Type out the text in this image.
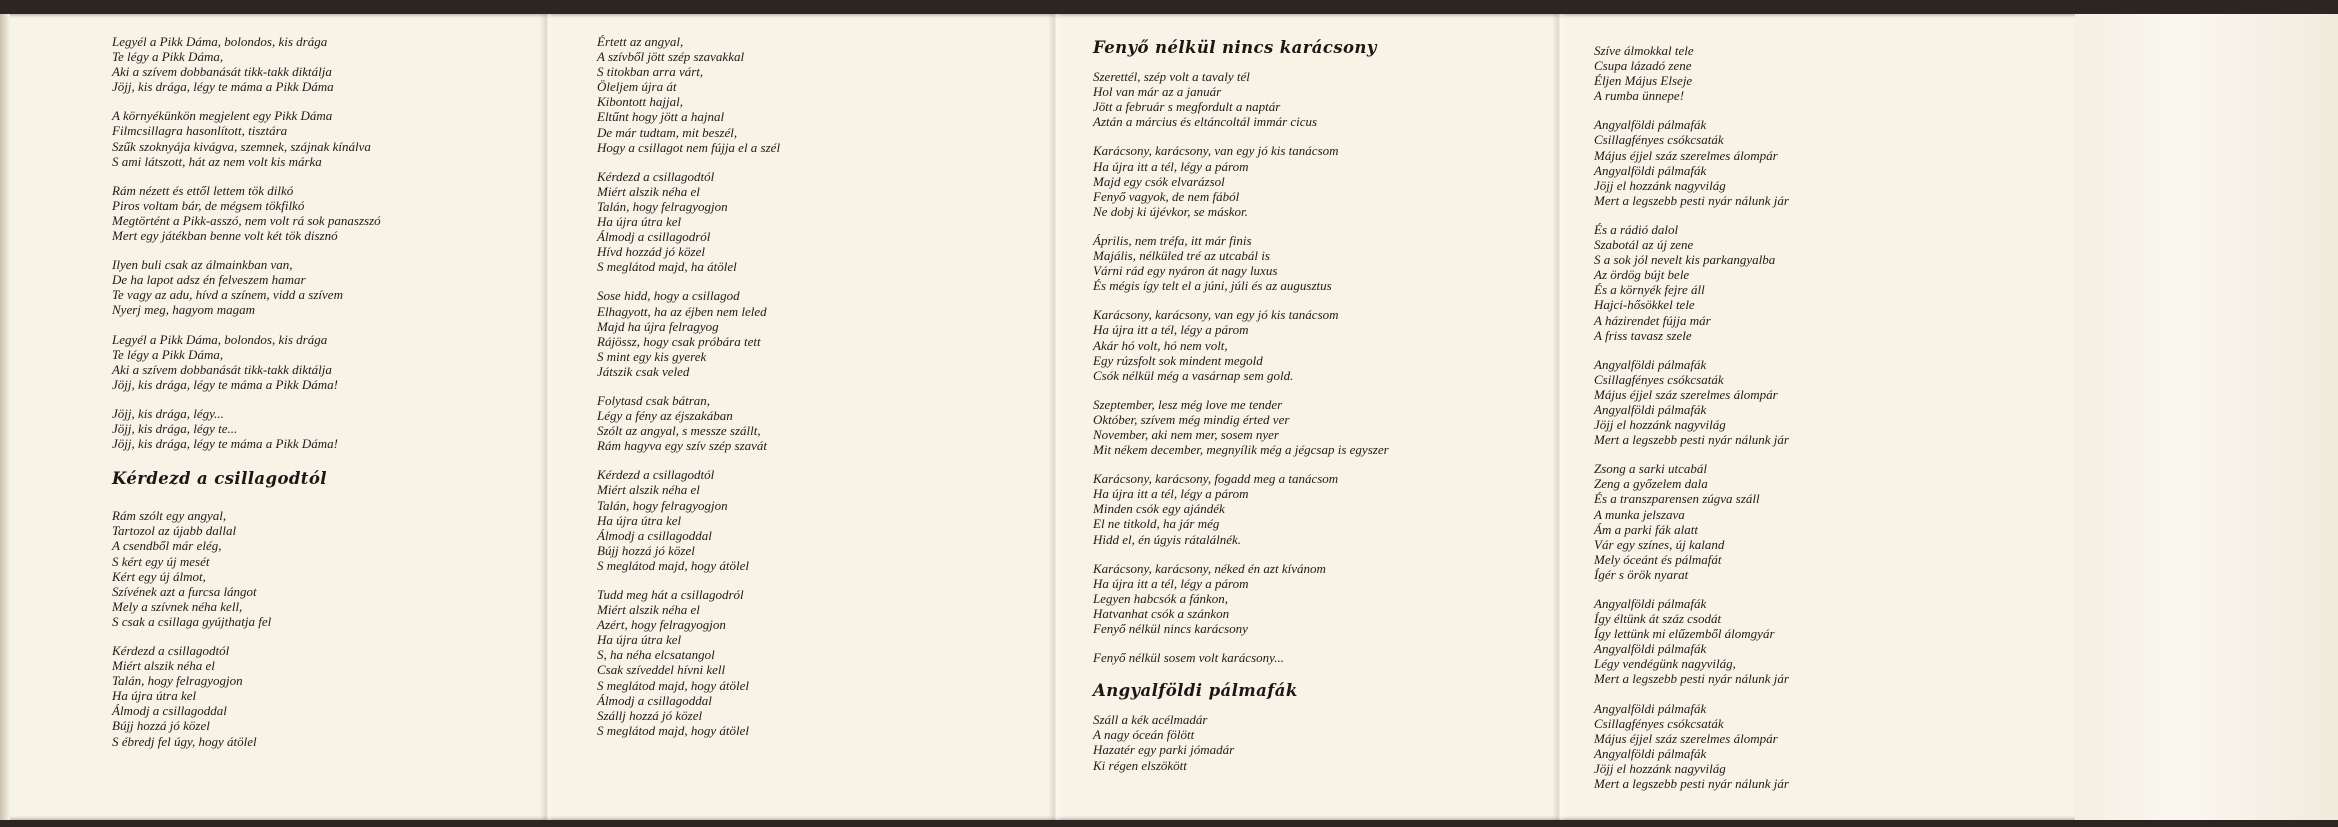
Legyél a Pikk Dáma, bolondos, kis drága
Te légy a Pikk Dáma,
Aki a szívem dobbanását tikk-takk diktálja
Jöjj, kis drága, légy te máma a Pikk Dáma
A környékünkön megjelent egy Pikk Dáma
Filmcsillagra hasonlított, tisztára
Szűk szoknyája kivágva, szemnek, szájnak kínálva
S ami látszott, hát az nem volt kis márka
Rám nézett és ettől lettem tök dilkó
Piros voltam bár, de mégsem tökfilkó
Megtörtént a Pikk-asszó, nem volt rá sok panaszszó
Mert egy játékban benne volt két tök disznó
Ilyen buli csak az álmainkban van,
De ha lapot adsz én felveszem hamar
Te vagy az adu, hívd a színem, vidd a szívem
Nyerj meg, hagyom magam
Legyél a Pikk Dáma, bolondos, kis drága
Te légy a Pikk Dáma,
Aki a szívem dobbanását tikk-takk diktálja
Jöjj, kis drága, légy te máma a Pikk Dáma!
Jöjj, kis drága, légy...
Jöjj, kis drága, légy te...
Jöjj, kis drága, légy te máma a Pikk Dáma!
Kérdezd a csillagodtól
Rám szólt egy angyal,
Tartozol az újabb dallal
A csendből már elég,
S kért egy új mesét
Kért egy új álmot,
Szívének azt a furcsa lángot
Mely a szívnek néha kell,
S csak a csillaga gyújthatja fel
Kérdezd a csillagodtól
Miért alszik néha el
Talán, hogy felragyogjon
Ha újra útra kel
Álmodj a csillagoddal
Bújj hozzá jó közel
S ébredj fel úgy, hogy átölel
Értett az angyal,
A szívből jött szép szavakkal
S titokban arra várt,
Öleljem újra át
Kibontott hajjal,
Eltűnt hogy jött a hajnal
De már tudtam, mit beszél,
Hogy a csillagot nem fújja el a szél
Kérdezd a csillagodtól
Miért alszik néha el
Talán, hogy felragyogjon
Ha újra útra kel
Álmodj a csillagodról
Hívd hozzád jó közel
S meglátod majd, ha átölel
Sose hidd, hogy a csillagod
Elhagyott, ha az éjben nem leled
Majd ha újra felragyog
Rájössz, hogy csak próbára tett
S mint egy kis gyerek
Játszik csak veled
Folytasd csak bátran,
Légy a fény az éjszakában
Szólt az angyal, s messze szállt,
Rám hagyva egy szív szép szavát
Kérdezd a csillagodtól
Miért alszik néha el
Talán, hogy felragyogjon
Ha újra útra kel
Álmodj a csillagoddal
Bújj hozzá jó közel
S meglátod majd, hogy átölel
Tudd meg hát a csillagodról
Miért alszik néha el
Azért, hogy felragyogjon
Ha újra útra kel
S, ha néha elcsatangol
Csak szíveddel hívni kell
S meglátod majd, hogy átölel
Álmodj a csillagoddal
Szállj hozzá jó közel
S meglátod majd, hogy átölel
Fenyő nélkül nincs karácsony
Szerettél, szép volt a tavaly tél
Hol van már az a január
Jött a február s megfordult a naptár
Aztán a március és eltáncoltál immár cicus
Karácsony, karácsony, van egy jó kis tanácsom
Ha újra itt a tél, légy a párom
Majd egy csók elvarázsol
Fenyő vagyok, de nem fából
Ne dobj ki újévkor, se máskor.
Április, nem tréfa, itt már finis
Majális, nélküled tré az utcabál is
Várni rád egy nyáron át nagy luxus
És mégis így telt el a júni, júli és az augusztus
Karácsony, karácsony, van egy jó kis tanácsom
Ha újra itt a tél, légy a párom
Akár hó volt, hó nem volt,
Egy rúzsfolt sok mindent megold
Csók nélkül még a vasárnap sem gold.
Szeptember, lesz még love me tender
Október, szívem még mindig érted ver
November, aki nem mer, sosem nyer
Mit nékem december, megnyílik még a jégcsap is egyszer
Karácsony, karácsony, fogadd meg a tanácsom
Ha újra itt a tél, légy a párom
Minden csók egy ajándék
El ne titkold, ha jár még
Hidd el, én úgyis rátalálnék.
Karácsony, karácsony, néked én azt kívánom
Ha újra itt a tél, légy a párom
Legyen habcsók a fánkon,
Hatvanhat csók a szánkon
Fenyő nélkül nincs karácsony
Fenyő nélkül sosem volt karácsony...
Angyalföldi pálmafák
Száll a kék acélmadár
A nagy óceán fölött
Hazatér egy parki jómadár
Ki régen elszökött
Szíve álmokkal tele
Csupa lázadó zene
Éljen Május Elseje
A rumba ünnepe!
Angyalföldi pálmafák
Csillagfényes csókcsaták
Május éjjel száz szerelmes álompár
Angyalföldi pálmafák
Jöjj el hozzánk nagyvilág
Mert a legszebb pesti nyár nálunk jár
És a rádió dalol
Szabotál az új zene
S a sok jól nevelt kis parkangyalba
Az ördög bújt bele
És a környék fejre áll
Hajci-hősökkel tele
A házirendet fújja már
A friss tavasz szele
Angyalföldi pálmafák
Csillagfényes csókcsaták
Május éjjel száz szerelmes álompár
Angyalföldi pálmafák
Jöjj el hozzánk nagyvilág
Mert a legszebb pesti nyár nálunk jár
Zsong a sarki utcabál
Zeng a győzelem dala
És a transzparensen zúgva száll
A munka jelszava
Ám a parki fák alatt
Vár egy színes, új kaland
Mely óceánt és pálmafát
Ígér s örök nyarat
Angyalföldi pálmafák
Így éltünk át száz csodát
Így lettünk mi elűzemből álomgyár
Angyalföldi pálmafák
Légy vendégünk nagyvilág,
Mert a legszebb pesti nyár nálunk jár
Angyalföldi pálmafák
Csillagfényes csókcsaták
Május éjjel száz szerelmes álompár
Angyalföldi pálmafák
Jöjj el hozzánk nagyvilág
Mert a legszebb pesti nyár nálunk jár
